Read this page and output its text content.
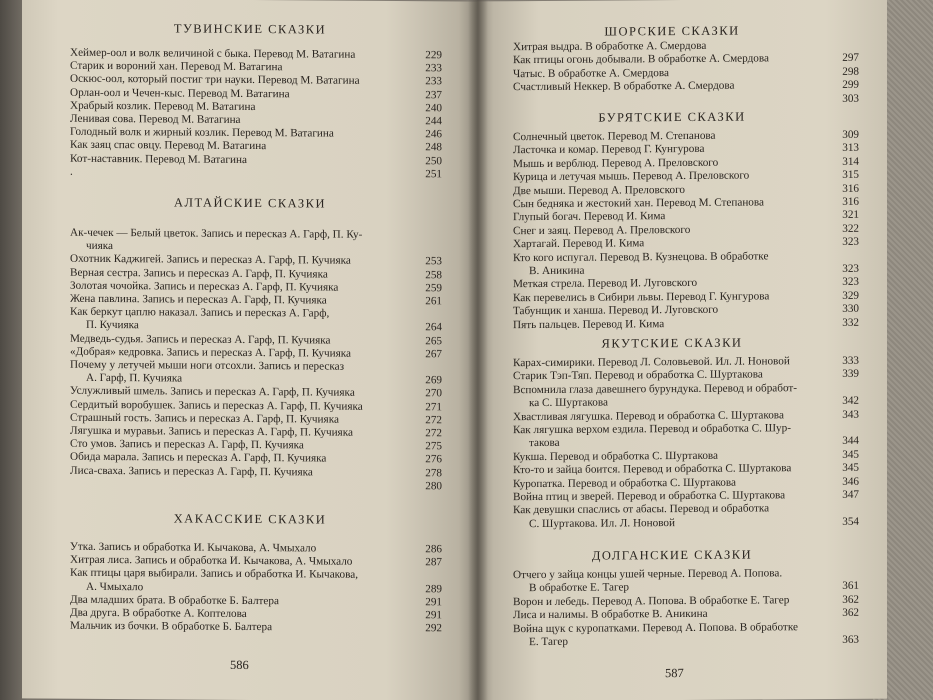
ТУВИНСКИЕ СКАЗКИ
Хеймер-оол и волк величиной с быка. Перевод М. Ватагина	229
Старик и вороний хан. Перевод М. Ватагина	233
Оскюс-оол, который постиг три науки. Перевод М. Ватагина	233
Орлан-оол и Чечен-кыс. Перевод М. Ватагина	237
Храбрый козлик. Перевод М. Ватагина	240
Ленивая сова. Перевод М. Ватагина	244
Голодный волк и жирный козлик. Перевод М. Ватагина	246
Как заяц спас овцу. Перевод М. Ватагина	248
Кот-наставник. Перевод М. Ватагина	250
.	251
АЛТАЙСКИЕ СКАЗКИ
Ак-чечек — Белый цветок. Запись и пересказ А. Гарф, П. Ку-
чияка
Охотник Каджигей. Запись и пересказ А. Гарф, П. Кучияка	253
Верная сестра. Запись и пересказ А. Гарф, П. Кучияка	258
Золотая чочойка. Запись и пересказ А. Гарф, П. Кучияка	259
Жена павлина. Запись и пересказ А. Гарф, П. Кучияка	261
Как беркут цаплю наказал. Запись и пересказ А. Гарф,
П. Кучияка	264
Медведь-судья. Запись и пересказ А. Гарф, П. Кучияка	265
«Добрая» кедровка. Запись и пересказ А. Гарф, П. Кучияка	267
Почему у летучей мыши ноги отсохли. Запись и пересказ
А. Гарф, П. Кучияка	269
Услужливый шмель. Запись и пересказ А. Гарф, П. Кучияка	270
Сердитый воробушек. Запись и пересказ А. Гарф, П. Кучияка	271
Страшный гость. Запись и пересказ А. Гарф, П. Кучияка	272
Лягушка и муравьи. Запись и пересказ А. Гарф, П. Кучияка	272
Сто умов. Запись и пересказ А. Гарф, П. Кучияка	275
Обида марала. Запись и пересказ А. Гарф, П. Кучияка	276
Лиса-сваха. Запись и пересказ А. Гарф, П. Кучияка	278
280
ХАКАССКИЕ СКАЗКИ
Утка. Запись и обработка И. Кычакова, А. Чмыхало	286
Хитрая лиса. Запись и обработка И. Кычакова, А. Чмыхало	287
Как птицы царя выбирали. Запись и обработка И. Кычакова,
А. Чмыхало	289
Два младших брата. В обработке Б. Балтера	291
Два друга. В обработке А. Коптелова	291
Мальчик из бочки. В обработке Б. Балтера	292
586
ШОРСКИЕ СКАЗКИ
Хитрая выдра. В обработке А. Смердова
Как птицы огонь добывали. В обработке А. Смердова	297
Чатыс. В обработке А. Смердова	298
Счастливый Неккер. В обработке А. Смердова	299
303
БУРЯТСКИЕ СКАЗКИ
Солнечный цветок. Перевод М. Степанова	309
Ласточка и комар. Перевод Г. Кунгурова	313
Мышь и верблюд. Перевод А. Преловского	314
Курица и летучая мышь. Перевод А. Преловского	315
Две мыши. Перевод А. Преловского	316
Сын бедняка и жестокий хан. Перевод М. Степанова	316
Глупый богач. Перевод И. Кима	321
Снег и заяц. Перевод А. Преловского	322
Хартагай. Перевод И. Кима	323
Кто кого испугал. Перевод В. Кузнецова. В обработке
В. Аникина	323
Меткая стрела. Перевод И. Луговского	323
Как перевелись в Сибири львы. Перевод Г. Кунгурова	329
Табунщик и ханша. Перевод И. Луговского	330
Пять пальцев. Перевод И. Кима	332
ЯКУТСКИЕ СКАЗКИ
Карах-симирики. Перевод Л. Соловьевой. Ил. Л. Ноновой	333
Старик Тэп-Тяп. Перевод и обработка С. Шуртакова	339
Вспомнила глаза давешнего бурундука. Перевод и обработ-
ка С. Шуртакова	342
Хвастливая лягушка. Перевод и обработка С. Шуртакова	343
Как лягушка верхом ездила. Перевод и обработка С. Шур-
такова	344
Кукша. Перевод и обработка С. Шуртакова	345
Кто-то и зайца боится. Перевод и обработка С. Шуртакова	345
Куропатка. Перевод и обработка С. Шуртакова	346
Война птиц и зверей. Перевод и обработка С. Шуртакова	347
Как девушки спаслись от абасы. Перевод и обработка
С. Шуртакова. Ил. Л. Ноновой	354
ДОЛГАНСКИЕ СКАЗКИ
Отчего у зайца концы ушей черные. Перевод А. Попова.
В обработке Е. Тагер	361
Ворон и лебедь. Перевод А. Попова. В обработке Е. Тагер	362
Лиса и налимы. В обработке В. Аникина	362
Война щук с куропатками. Перевод А. Попова. В обработке
Е. Тагер	363
587
